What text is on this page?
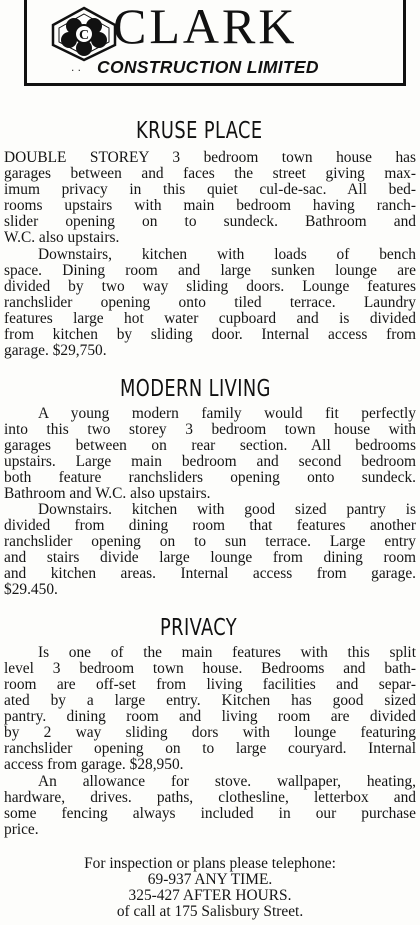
C CLARK
. . CONSTRUCTION LIMITED
KRUSE PLACE
DOUBLE STOREY 3 bedroom town house has
garages between and faces the street giving max-
imum privacy in this quiet cul-de-sac. All bed-
rooms upstairs with main bedroom having ranch-
slider opening on to sundeck. Bathroom and
W.C. also upstairs.
Downstairs, kitchen with loads of bench
space. Dining room and large sunken lounge are
divided by two way sliding doors. Lounge features
ranchslider opening onto tiled terrace. Laundry
features large hot water cupboard and is divided
from kitchen by sliding door. Internal access from
garage. $29,750.
MODERN LIVING
A young modern family would fit perfectly
into this two storey 3 bedroom town house with
garages between on rear section. All bedrooms
upstairs. Large main bedroom and second bedroom
both feature ranchsliders opening onto sundeck.
Bathroom and W.C. also upstairs.
Downstairs. kitchen with good sized pantry is
divided from dining room that features another
ranchslider opening on to sun terrace. Large entry
and stairs divide large lounge from dining room
and kitchen areas. Internal access from garage.
$29.450.
PRIVACY
Is one of the main features with this split
level 3 bedroom town house. Bedrooms and bath-
room are off-set from living facilities and separ-
ated by a large entry. Kitchen has good sized
pantry. dining room and living room are divided
by 2 way sliding dors with lounge featuring
ranchslider opening on to large couryard. Internal
access from garage. $28,950.
An allowance for stove. wallpaper, heating,
hardware, drives. paths, clothesline, letterbox and
some fencing always included in our purchase
price.
For inspection or plans please telephone:
69-937 ANY TIME.
325-427 AFTER HOURS.
of call at 175 Salisbury Street.
